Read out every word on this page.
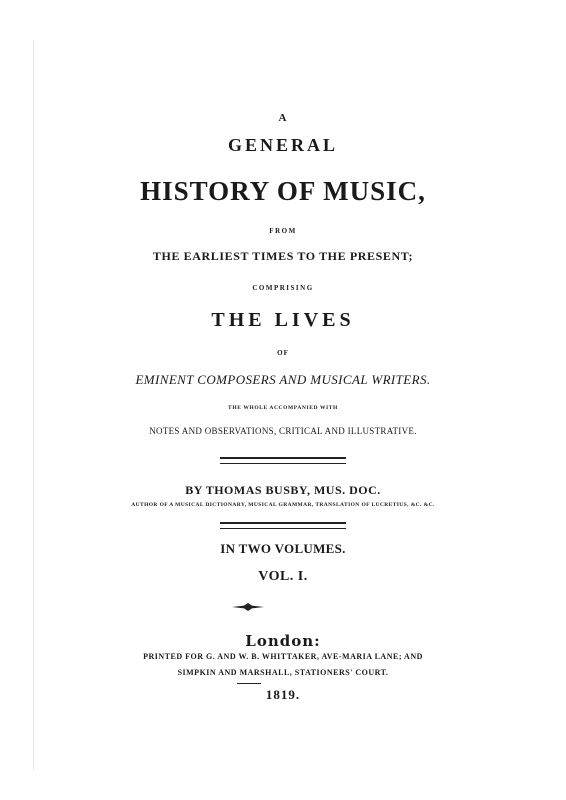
A
GENERAL
HISTORY OF MUSIC,
FROM
THE EARLIEST TIMES TO THE PRESENT;
COMPRISING
THE LIVES
OF
EMINENT COMPOSERS AND MUSICAL WRITERS.
THE WHOLE ACCOMPANIED WITH
NOTES AND OBSERVATIONS, CRITICAL AND ILLUSTRATIVE.
BY THOMAS BUSBY, MUS. DOC.
AUTHOR OF A MUSICAL DICTIONARY, MUSICAL GRAMMAR, TRANSLATION OF LUCRETIUS, &C. &C.
IN TWO VOLUMES.
VOL. I.
London:
PRINTED FOR G. AND W. B. WHITTAKER, AVE-MARIA LANE; AND
SIMPKIN AND MARSHALL, STATIONERS' COURT.
1819.
